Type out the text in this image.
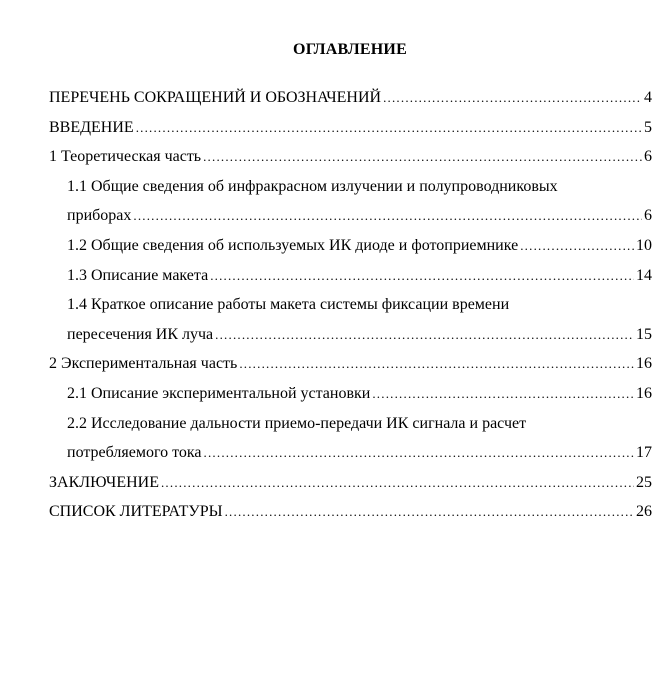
ОГЛАВЛЕНИЕ
ПЕРЕЧЕНЬ СОКРАЩЕНИЙ И ОБОЗНАЧЕНИЙ .....	4
ВВЕДЕНИЕ .....	5
1 Теоретическая часть .....	6
1.1 Общие сведения об инфракрасном излучении и полупроводниковых
приборах .....	6
1.2 Общие сведения об используемых ИК диоде и фотоприемнике .....	10
1.3 Описание макета .....	14
1.4 Краткое описание работы макета системы фиксации времени
пересечения ИК луча .....	15
2 Экспериментальная часть .....	16
2.1 Описание экспериментальной установки .....	16
2.2 Исследование дальности приемо-передачи ИК сигнала и расчет
потребляемого тока .....	17
ЗАКЛЮЧЕНИЕ .....	25
СПИСОК ЛИТЕРАТУРЫ .....	26
